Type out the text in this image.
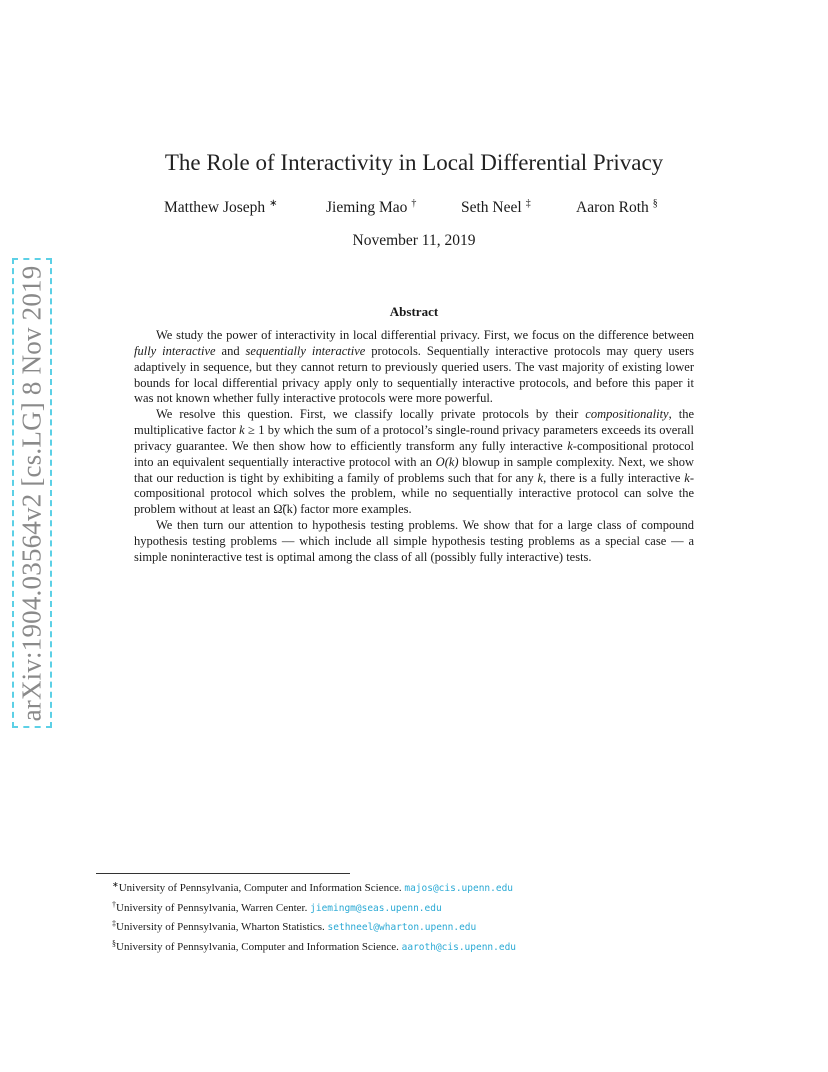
arXiv:1904.03564v2 [cs.LG] 8 Nov 2019
The Role of Interactivity in Local Differential Privacy
Matthew Joseph ∗	Jieming Mao †	Seth Neel ‡	Aaron Roth §
November 11, 2019
Abstract

We study the power of interactivity in local differential privacy. First, we focus on the difference between fully interactive and sequentially interactive protocols. Sequentially interactive protocols may query users adaptively in sequence, but they cannot return to previously queried users. The vast majority of existing lower bounds for local differential privacy apply only to sequentially interactive protocols, and before this paper it was not known whether fully interactive protocols were more powerful.

We resolve this question. First, we classify locally private protocols by their compositionality, the multiplicative factor k ≥ 1 by which the sum of a protocol’s single-round privacy parameters exceeds its overall privacy guarantee. We then show how to efficiently transform any fully interactive k-compositional protocol into an equivalent sequentially interactive protocol with an O(k) blowup in sample complexity. Next, we show that our reduction is tight by exhibiting a family of problems such that for any k, there is a fully interactive k-compositional protocol which solves the problem, while no sequentially interactive protocol can solve the problem without at least an Ω̃(k) factor more examples.

We then turn our attention to hypothesis testing problems. We show that for a large class of compound hypothesis testing problems — which include all simple hypothesis testing problems as a special case — a simple noninteractive test is optimal among the class of all (possibly fully interactive) tests.

∗University of Pennsylvania, Computer and Information Science. majos@cis.upenn.edu
†University of Pennsylvania, Warren Center. jiemingm@seas.upenn.edu
‡University of Pennsylvania, Wharton Statistics. sethneel@wharton.upenn.edu
§University of Pennsylvania, Computer and Information Science. aaroth@cis.upenn.edu
